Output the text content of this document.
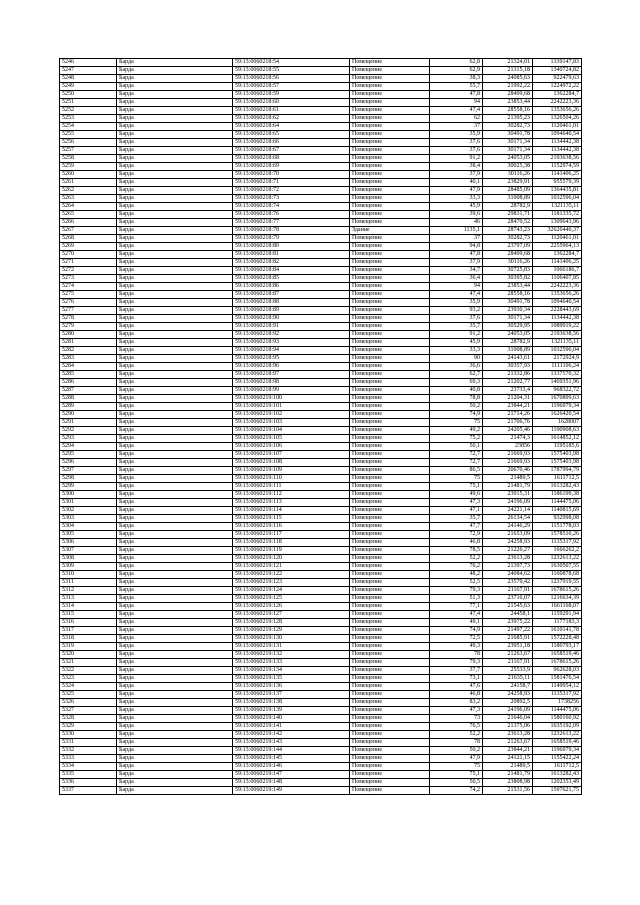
5246	Барда	59:13:0060218:54	Помещение	62,8	21324,01	1339147,83
5247	Барда	59:13:0060218:55	Помещение	62,9	21315,18	1340724,82
5248	Барда	59:13:0060218:56	Помещение	38,3	24085,63	922479,63
5249	Барда	59:13:0060218:57	Помещение	55,7	21992,22	1224972,22
5250	Барда	59:13:0060218:59	Помещение	47,8	28499,68	1362284,7
5251	Барда	59:13:0060218:60	Помещение	94	23853,44	2242223,36
5252	Барда	59:13:0060218:61	Помещение	47,4	28558,16	1353656,26
5253	Барда	59:13:0060218:62	Помещение	62	21395,23	1326504,26
5254	Барда	59:13:0060218:64	Помещение	37	30282,73	1120461,01
5255	Барда	59:13:0060218:65	Помещение	35,9	30491,78	1094640,54
5256	Барда	59:13:0060218:66	Помещение	37,6	30171,34	1134442,38
5257	Барда	59:13:0060218:67	Помещение	37,6	30171,34	1134442,38
5258	Барда	59:13:0060218:68	Помещение	91,2	24053,05	2193638,56
5259	Барда	59:13:0060218:69	Помещение	38,4	30025,38	1152974,59
5260	Барда	59:13:0060218:70	Помещение	37,9	30116,26	1141406,25
5261	Барда	59:13:0060218:71	Помещение	40,1	23829,91	955579,39
5262	Барда	59:13:0060218:72	Помещение	47,9	28485,09	1364435,81
5263	Барда	59:13:0060218:73	Помещение	33,3	31008,89	1032596,04
5264	Барда	59:13:0060218:74	Помещение	45,9	28782,9	1321135,11
5265	Барда	59:13:0060218:76	Помещение	39,6	29831,71	1181335,72
5266	Барда	59:13:0060218:77	Помещение	46	28470,52	1309643,96
5267	Барда	59:13:0060218:78	Здание	1135,1	28743,23	32626440,37
5268	Барда	59:13:0060218:79	Помещение	37	30282,73	1120461,01
5269	Барда	59:13:0060218:80	Помещение	94,8	23797,09	2255964,13
5270	Барда	59:13:0060218:81	Помещение	47,8	28499,68	1362284,7
5271	Барда	59:13:0060218:82	Помещение	37,9	30116,26	1141406,25
5272	Барда	59:13:0060218:84	Помещение	34,7	30725,83	1066186,7
5273	Барда	59:13:0060218:85	Помещение	36,4	30395,82	1106407,85
5274	Барда	59:13:0060218:86	Помещение	94	23853,44	2242223,36
5275	Барда	59:13:0060218:87	Помещение	47,4	28558,16	1353656,26
5276	Барда	59:13:0060218:88	Помещение	35,9	30491,78	1094640,54
5277	Барда	59:13:0060218:89	Помещение	93,2	23930,34	2228443,69
5278	Барда	59:13:0060218:90	Помещение	37,6	30171,34	1134442,38
5279	Барда	59:13:0060218:91	Помещение	35,7	30529,95	1089919,22
5280	Барда	59:13:0060218:92	Помещение	91,2	24053,05	2193638,56
5281	Барда	59:13:0060218:93	Помещение	45,9	28782,9	1321135,11
5282	Барда	59:13:0060218:94	Помещение	33,3	31008,89	1032596,04
5283	Барда	59:13:0060218:95	Помещение	90	24143,61	2172924,9
5284	Барда	59:13:0060218:96	Помещение	36,6	30357,93	1111106,24
5285	Барда	59:13:0060218:97	Помещение	62,7	21332,86	1337570,32
5286	Барда	59:13:0060218:98	Помещение	69,3	21202,77	1469351,96
5287	Барда	59:13:0060218:99	Помещение	40,8	23733,4	968322,72
5288	Барда	59:13:0060219:100	Помещение	78,8	21204,31	1670899,63
5289	Барда	59:13:0060219:101	Помещение	50,2	23844,21	1196979,34
5290	Барда	59:13:0060219:102	Помещение	74,9	21714,26	1626420,54
5291	Барда	59:13:0060219:103	Помещение	75	21706,76	1628007
5292	Барда	59:13:0060219:104	Помещение	49,2	24205,46	1190908,63
5293	Барда	59:13:0060219:105	Помещение	75,2	21474,3	1614852,12
5294	Барда	59:13:0060219:106	Помещение	50,1	23856	1195185,6
5295	Барда	59:13:0060219:107	Помещение	72,7	21669,93	1575403,98
5296	Барда	59:13:0060219:108	Помещение	72,7	21669,93	1575403,98
5297	Барда	59:13:0060219:109	Помещение	86,5	20670,46	1787994,79
5298	Барда	59:13:0060219:110	Помещение	75	21489,5	1611712,5
5299	Барда	59:13:0060219:111	Помещение	75,1	21481,79	1613282,43
5300	Барда	59:13:0060219:112	Помещение	49,6	23915,31	1186199,38
5301	Барда	59:13:0060219:113	Помещение	47,3	24196,09	1144475,06
5302	Барда	59:13:0060219:114	Помещение	47,1	24221,14	1140815,69
5303	Барда	59:13:0060219:115	Помещение	35,7	26134,54	932998,08
5304	Барда	59:13:0060219:116	Помещение	47,7	24146,29	1151778,03
5305	Барда	59:13:0060219:117	Помещение	72,9	21653,09	1578510,26
5306	Барда	59:13:0060219:118	Помещение	46,8	24258,93	1135317,92
5307	Барда	59:13:0060219:119	Помещение	78,5	21226,27	1666262,2
5308	Барда	59:13:0060219:120	Помещение	52,2	23613,28	1232613,22
5309	Барда	59:13:0060219:121	Помещение	76,2	21397,73	1630507,55
5310	Барда	59:13:0060219:122	Помещение	48,2	24084,62	1160878,68
5311	Барда	59:13:0060219:123	Помещение	52,5	23579,42	1237919,55
5312	Барда	59:13:0060219:124	Помещение	79,3	21167,91	1678615,26
5313	Барда	59:13:0060219:125	Помещение	51,3	23716,07	1216634,39
5314	Барда	59:13:0060219:126	Помещение	77,1	21545,63	1661168,07
5315	Барда	59:13:0060219:127	Помещение	47,4	24458,1	1159291,94
5316	Барда	59:13:0060219:128	Помещение	49,1	23975,22	1177183,3
5317	Барда	59:13:0060219:129	Помещение	74,9	21497,22	1610141,78
5318	Барда	59:13:0060219:130	Помещение	72,5	21685,91	1572228,48
5319	Барда	59:13:0060219:131	Помещение	49,3	23951,18	1180793,17
5320	Барда	59:13:0060219:132	Помещение	78	21263,67	1658519,46
5321	Барда	59:13:0060219:133	Помещение	79,3	21167,91	1678615,26
5322	Барда	59:13:0060219:134	Помещение	37,7	25533,9	962628,03
5323	Барда	59:13:0060219:135	Помещение	73,1	21635,11	1581476,54
5324	Барда	59:13:0060219:136	Помещение	47,6	24158,7	1149954,12
5325	Барда	59:13:0060219:137	Помещение	46,8	24258,93	1135317,92
5326	Барда	59:13:0060219:138	Помещение	83,2	20892,5	1738256
5327	Барда	59:13:0060219:139	Помещение	47,3	24196,09	1144475,06
5328	Барда	59:13:0060219:140	Помещение	73	21646,04	1580160,92
5329	Барда	59:13:0060219:141	Помещение	76,5	21375,06	1635192,09
5330	Барда	59:13:0060219:142	Помещение	52,2	23613,28	1232613,22
5331	Барда	59:13:0060219:143	Помещение	78	21263,67	1658519,46
5332	Барда	59:13:0060219:144	Помещение	50,2	23844,21	1196979,34
5333	Барда	59:13:0060219:145	Помещение	47,9	24121,15	1155422,24
5334	Барда	59:13:0060219:146	Помещение	75	21489,5	1611712,5
5335	Барда	59:13:0060219:147	Помещение	75,1	21481,79	1613282,43
5336	Барда	59:13:0060219:148	Помещение	50,5	23808,98	1202353,49
5337	Барда	59:13:0060219:149	Помещение	74,2	21531,56	1597621,75
